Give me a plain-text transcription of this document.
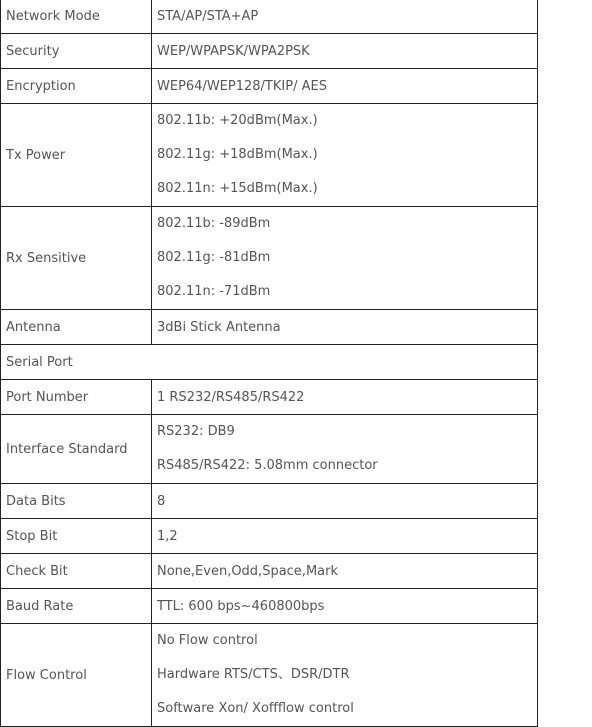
Network Mode	STA/AP/STA+AP
Security	WEP/WPAPSK/WPA2PSK
Encryption	WEP64/WEP128/TKIP/ AES
Tx Power	802.11b: +20dBm(Max.)
802.11g: +18dBm(Max.)
802.11n: +15dBm(Max.)

Rx Sensitive	802.11b: -89dBm
802.11g: -81dBm
802.11n: -71dBm

Antenna	3dBi Stick Antenna
Serial Port	
Port Number	1 RS232/RS485/RS422
Interface Standard	RS232: DB9
RS485/RS422: 5.08mm connector

Data Bits	8
Stop Bit	1,2
Check Bit	None,Even,Odd,Space,Mark
Baud Rate	TTL: 600 bps~460800bps
Flow Control	No Flow control
Hardware RTS/CTS、DSR/DTR
Software Xon/ Xoffflow control
